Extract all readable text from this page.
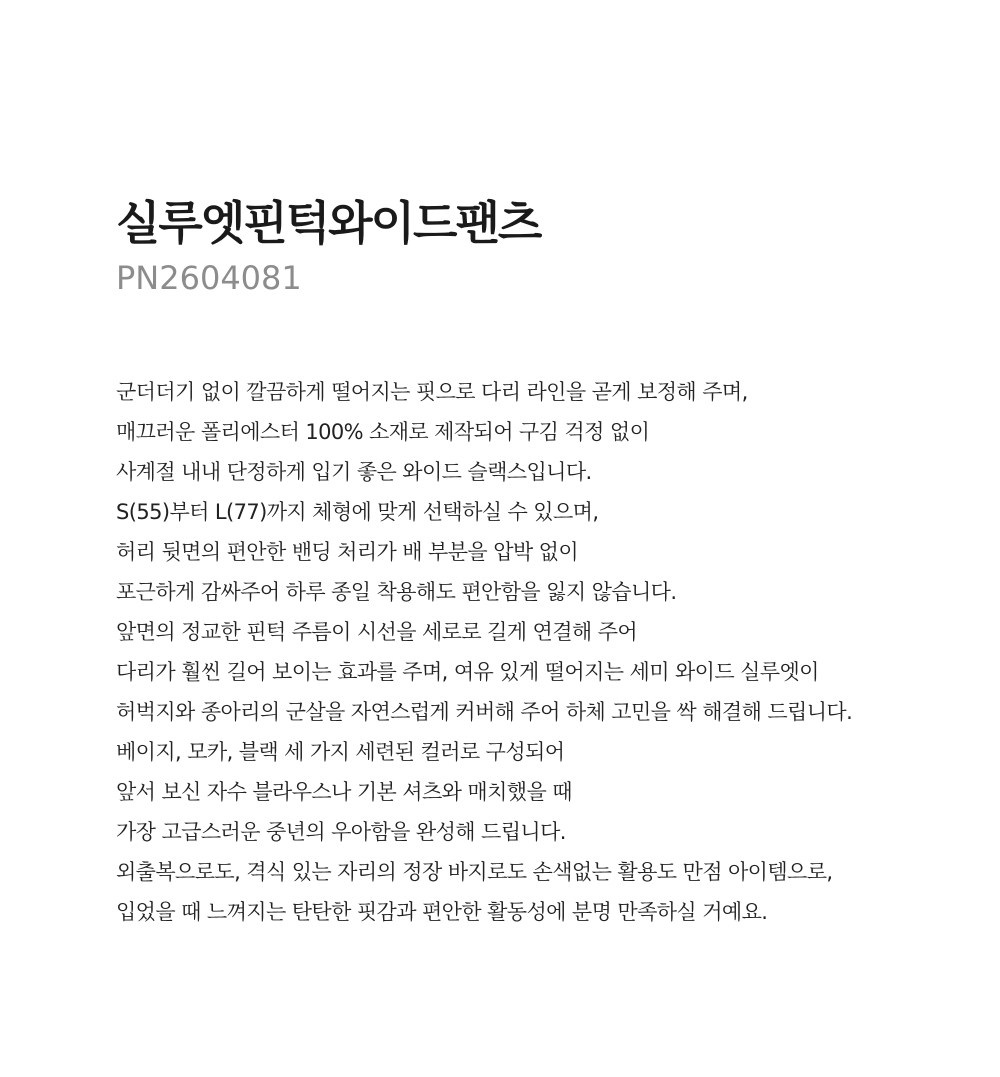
실루엣핀턱와이드팬츠
PN2604081
군더더기 없이 깔끔하게 떨어지는 핏으로 다리 라인을 곧게 보정해 주며,
매끄러운 폴리에스터 100% 소재로 제작되어 구김 걱정 없이
사계절 내내 단정하게 입기 좋은 와이드 슬랙스입니다.
S(55)부터 L(77)까지 체형에 맞게 선택하실 수 있으며,
허리 뒷면의 편안한 밴딩 처리가 배 부분을 압박 없이
포근하게 감싸주어 하루 종일 착용해도 편안함을 잃지 않습니다.
앞면의 정교한 핀턱 주름이 시선을 세로로 길게 연결해 주어
다리가 훨씬 길어 보이는 효과를 주며, 여유 있게 떨어지는 세미 와이드 실루엣이
허벅지와 종아리의 군살을 자연스럽게 커버해 주어 하체 고민을 싹 해결해 드립니다.
베이지, 모카, 블랙 세 가지 세련된 컬러로 구성되어
앞서 보신 자수 블라우스나 기본 셔츠와 매치했을 때
가장 고급스러운 중년의 우아함을 완성해 드립니다.
외출복으로도, 격식 있는 자리의 정장 바지로도 손색없는 활용도 만점 아이템으로,
입었을 때 느껴지는 탄탄한 핏감과 편안한 활동성에 분명 만족하실 거예요.
